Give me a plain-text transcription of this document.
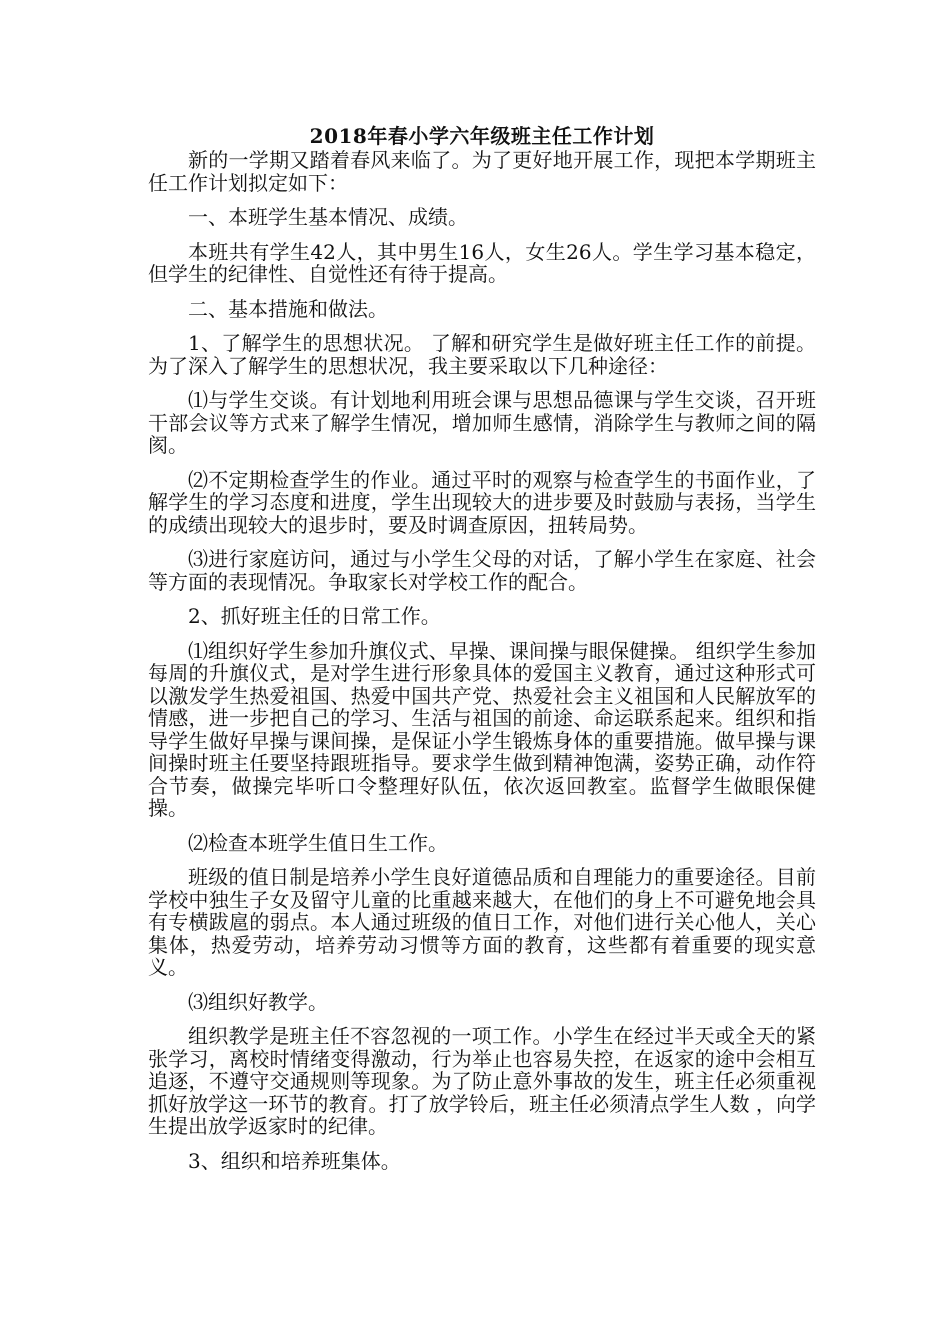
2018年春小学六年级班主任工作计划

新的一学期又踏着春风来临了。为了更好地开展工作，现把本学期班主任工作计划拟定如下：

一、本班学生基本情况、成绩。

本班共有学生42人，其中男生16人，女生26人。学生学习基本稳定，但学生的纪律性、自觉性还有待于提高。

二、基本措施和做法。

1、了解学生的思想状况。 了解和研究学生是做好班主任工作的前提。为了深入了解学生的思想状况，我主要采取以下几种途径：

⑴与学生交谈。有计划地利用班会课与思想品德课与学生交谈，召开班干部会议等方式来了解学生情况，增加师生感情，消除学生与教师之间的隔阂。

⑵不定期检查学生的作业。通过平时的观察与检查学生的书面作业，了解学生的学习态度和进度，学生出现较大的进步要及时鼓励与表扬，当学生的成绩出现较大的退步时，要及时调查原因，扭转局势。

⑶进行家庭访问，通过与小学生父母的对话，了解小学生在家庭、社会等方面的表现情况。争取家长对学校工作的配合。

2、抓好班主任的日常工作。

⑴组织好学生参加升旗仪式、早操、课间操与眼保健操。 组织学生参加每周的升旗仪式，是对学生进行形象具体的爱国主义教育，通过这种形式可以激发学生热爱祖国、热爱中国共产党、热爱社会主义祖国和人民解放军的情感，进一步把自己的学习、生活与祖国的前途、命运联系起来。组织和指导学生做好早操与课间操，是保证小学生锻炼身体的重要措施。做早操与课间操时班主任要坚持跟班指导。要求学生做到精神饱满，姿势正确，动作符合节奏，做操完毕听口令整理好队伍，依次返回教室。监督学生做眼保健操。

⑵检查本班学生值日生工作。

班级的值日制是培养小学生良好道德品质和自理能力的重要途径。目前学校中独生子女及留守儿童的比重越来越大，在他们的身上不可避免地会具有专横跋扈的弱点。本人通过班级的值日工作，对他们进行关心他人，关心集体，热爱劳动，培养劳动习惯等方面的教育，这些都有着重要的现实意义。

⑶组织好教学。

组织教学是班主任不容忽视的一项工作。小学生在经过半天或全天的紧张学习，离校时情绪变得激动，行为举止也容易失控，在返家的途中会相互追逐，不遵守交通规则等现象。为了防止意外事故的发生，班主任必须重视抓好放学这一环节的教育。打了放学铃后，班主任必须清点学生人数 ，向学生提出放学返家时的纪律。

3、组织和培养班集体。
